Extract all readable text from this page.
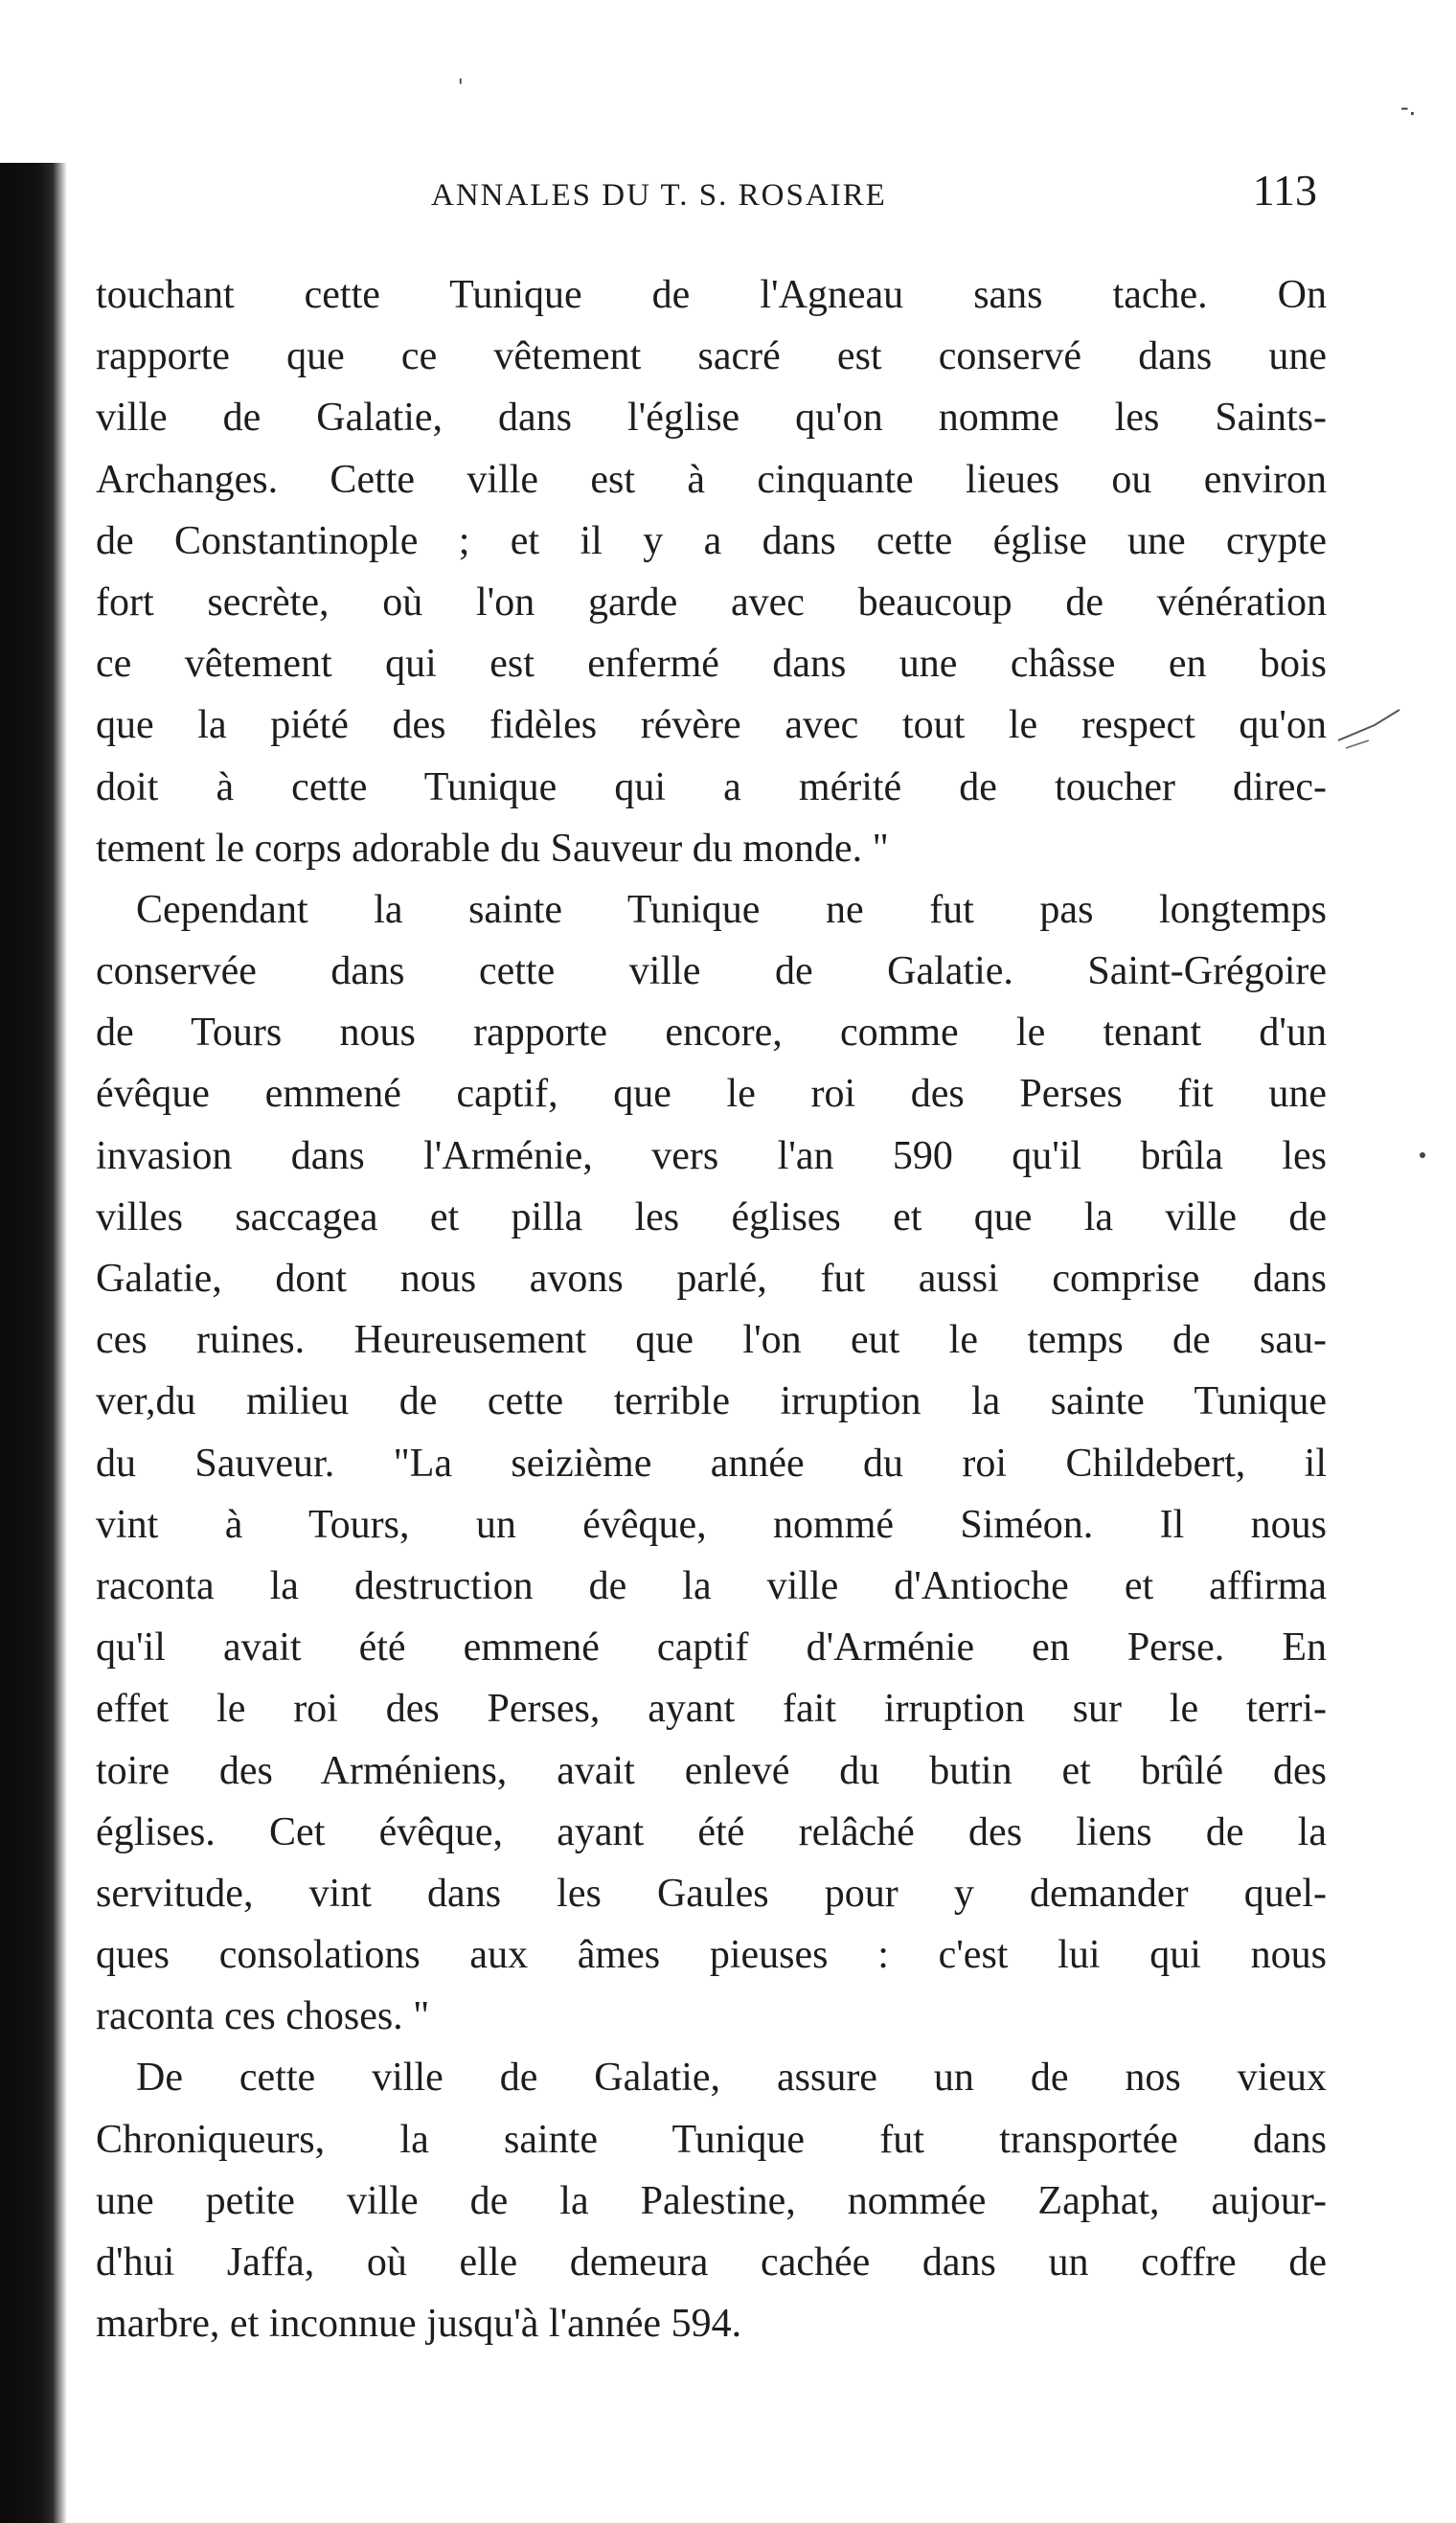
'
-.
ANNALES DU T. S. ROSAIRE	113
touchant cette Tunique de l'Agneau sans tache. On
rapporte que ce vêtement sacré est conservé dans une
ville de Galatie, dans l'église qu'on nomme les Saints-
Archanges. Cette ville est à cinquante lieues ou environ
de Constantinople ; et il y a dans cette église une crypte
fort secrète, où l'on garde avec beaucoup de vénération
ce vêtement qui est enfermé dans une châsse en bois
que la piété des fidèles révère avec tout le respect qu'on
doit à cette Tunique qui a mérité de toucher direc-
tement le corps adorable du Sauveur du monde. "
Cependant la sainte Tunique ne fut pas longtemps
conservée dans cette ville de Galatie. Saint-Grégoire
de Tours nous rapporte encore, comme le tenant d'un
évêque emmené captif, que le roi des Perses fit une
invasion dans l'Arménie, vers l'an 590 qu'il brûla les
villes saccagea et pilla les églises et que la ville de
Galatie, dont nous avons parlé, fut aussi comprise dans
ces ruines. Heureusement que l'on eut le temps de sau-
ver,du milieu de cette terrible irruption la sainte Tunique
du Sauveur. "La seizième année du roi Childebert, il
vint à Tours, un évêque, nommé Siméon. Il nous
raconta la destruction de la ville d'Antioche et affirma
qu'il avait été emmené captif d'Arménie en Perse. En
effet le roi des Perses, ayant fait irruption sur le terri-
toire des Arméniens, avait enlevé du butin et brûlé des
églises. Cet évêque, ayant été relâché des liens de la
servitude, vint dans les Gaules pour y demander quel-
ques consolations aux âmes pieuses : c'est lui qui nous
raconta ces choses. "
De cette ville de Galatie, assure un de nos vieux
Chroniqueurs, la sainte Tunique fut transportée dans
une petite ville de la Palestine, nommée Zaphat, aujour-
d'hui Jaffa, où elle demeura cachée dans un coffre de
marbre, et inconnue jusqu'à l'année 594.
